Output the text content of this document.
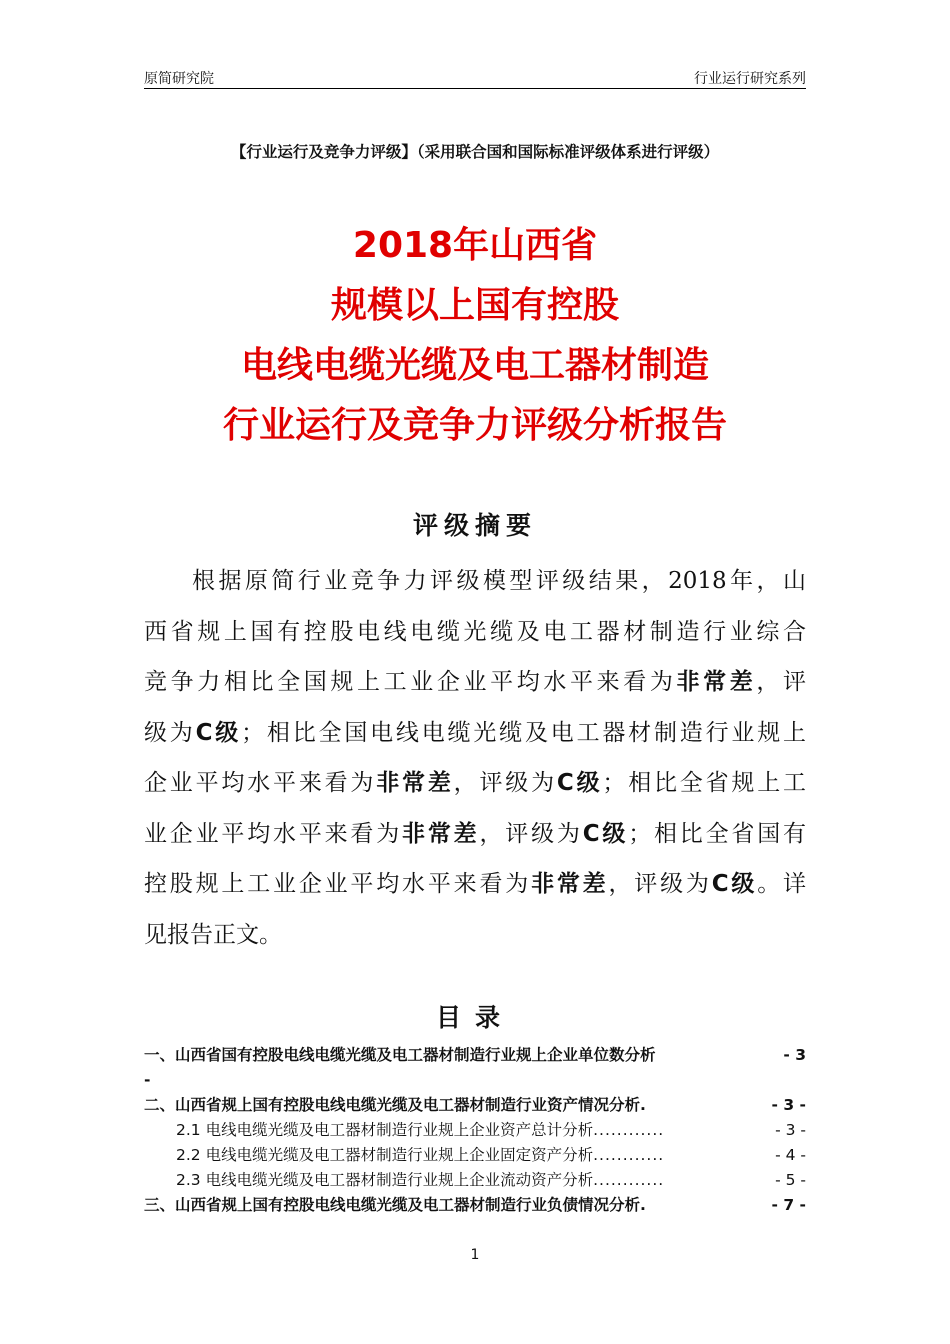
原简研究院	行业运行研究系列
【行业运行及竞争力评级】（采用联合国和国际标准评级体系进行评级）
2018年山西省
规模以上国有控股
电线电缆光缆及电工器材制造
行业运行及竞争力评级分析报告
评级摘要
根据原简行业竞争力评级模型评级结果，2018年，山
西省规上国有控股电线电缆光缆及电工器材制造行业综合
竞争力相比全国规上工业企业平均水平来看为非常差，评
级为C级；相比全国电线电缆光缆及电工器材制造行业规上
企业平均水平来看为非常差，评级为C级；相比全省规上工
业企业平均水平来看为非常差，评级为C级；相比全省国有
控股规上工业企业平均水平来看为非常差，评级为C级。详
见报告正文。
目录
一、山西省国有控股电线电缆光缆及电工器材制造行业规上企业单位数分析	- 3
-
二、山西省规上国有控股电线电缆光缆及电工器材制造行业资产情况分析 .	- 3 -
2.1 电线电缆光缆及电工器材制造行业规上企业资产总计分析 ............	- 3 -
2.2 电线电缆光缆及电工器材制造行业规上企业固定资产分析 ............	- 4 -
2.3 电线电缆光缆及电工器材制造行业规上企业流动资产分析 ............	- 5 -
三、山西省规上国有控股电线电缆光缆及电工器材制造行业负债情况分析 .	- 7 -
1
